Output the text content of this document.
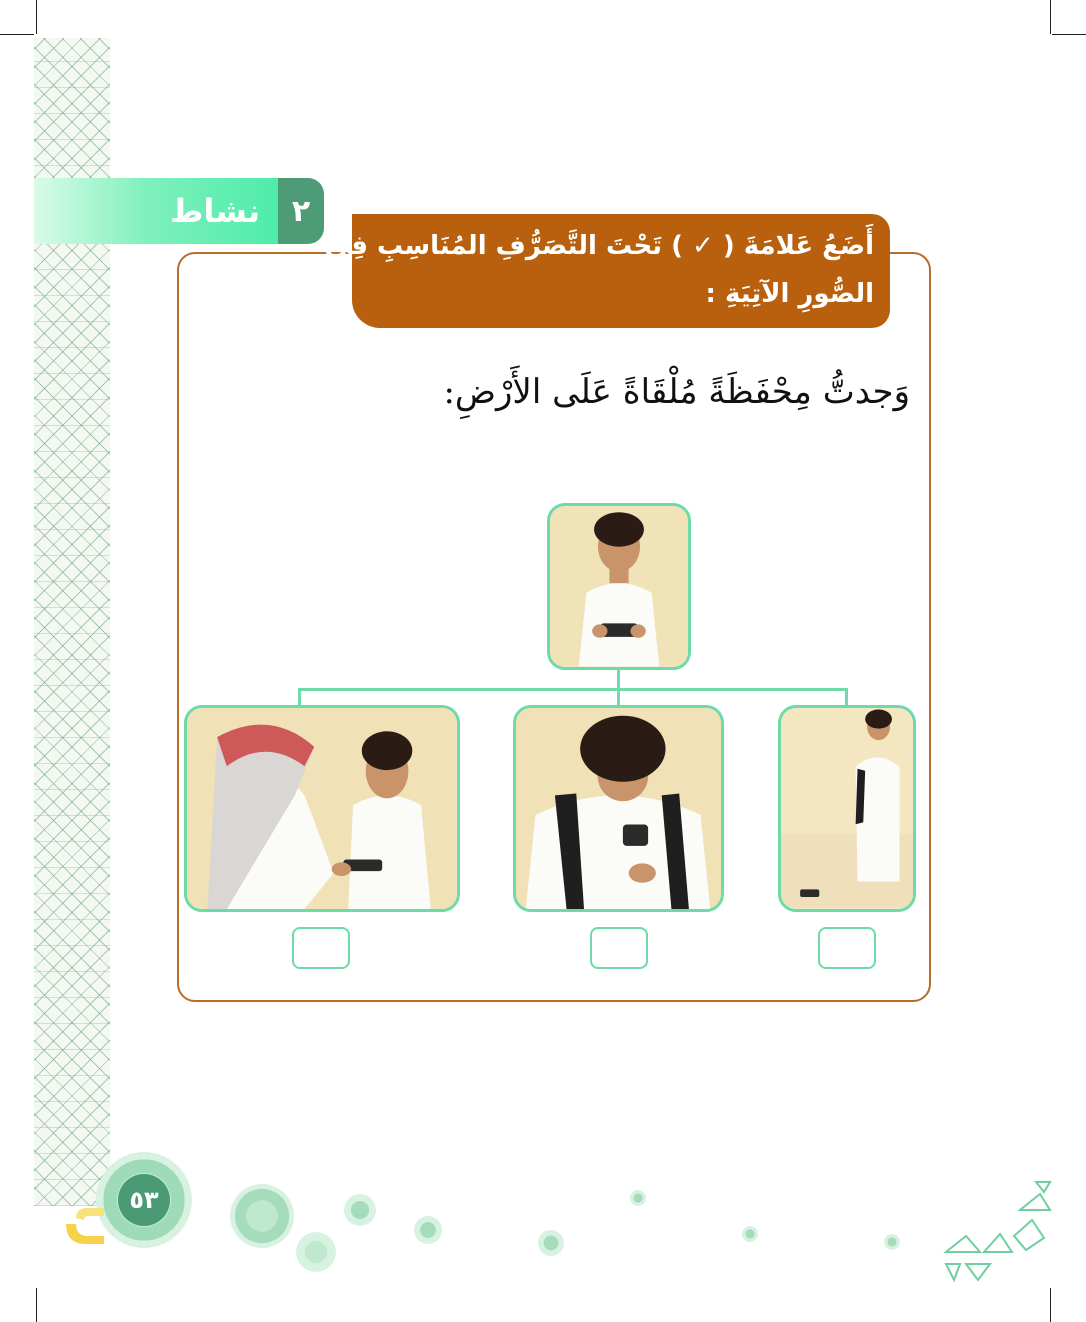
٢
نشاط
أَضَعُ عَلامَةَ ( ✓ ) تَحْتَ التَّصَرُّفِ المُنَاسِبِ فِي
الصُّورِ الآتِيَةِ :
وَجدتُّ مِحْفَظَةً مُلْقَاةً عَلَى الأَرْضِ:
٥٣
